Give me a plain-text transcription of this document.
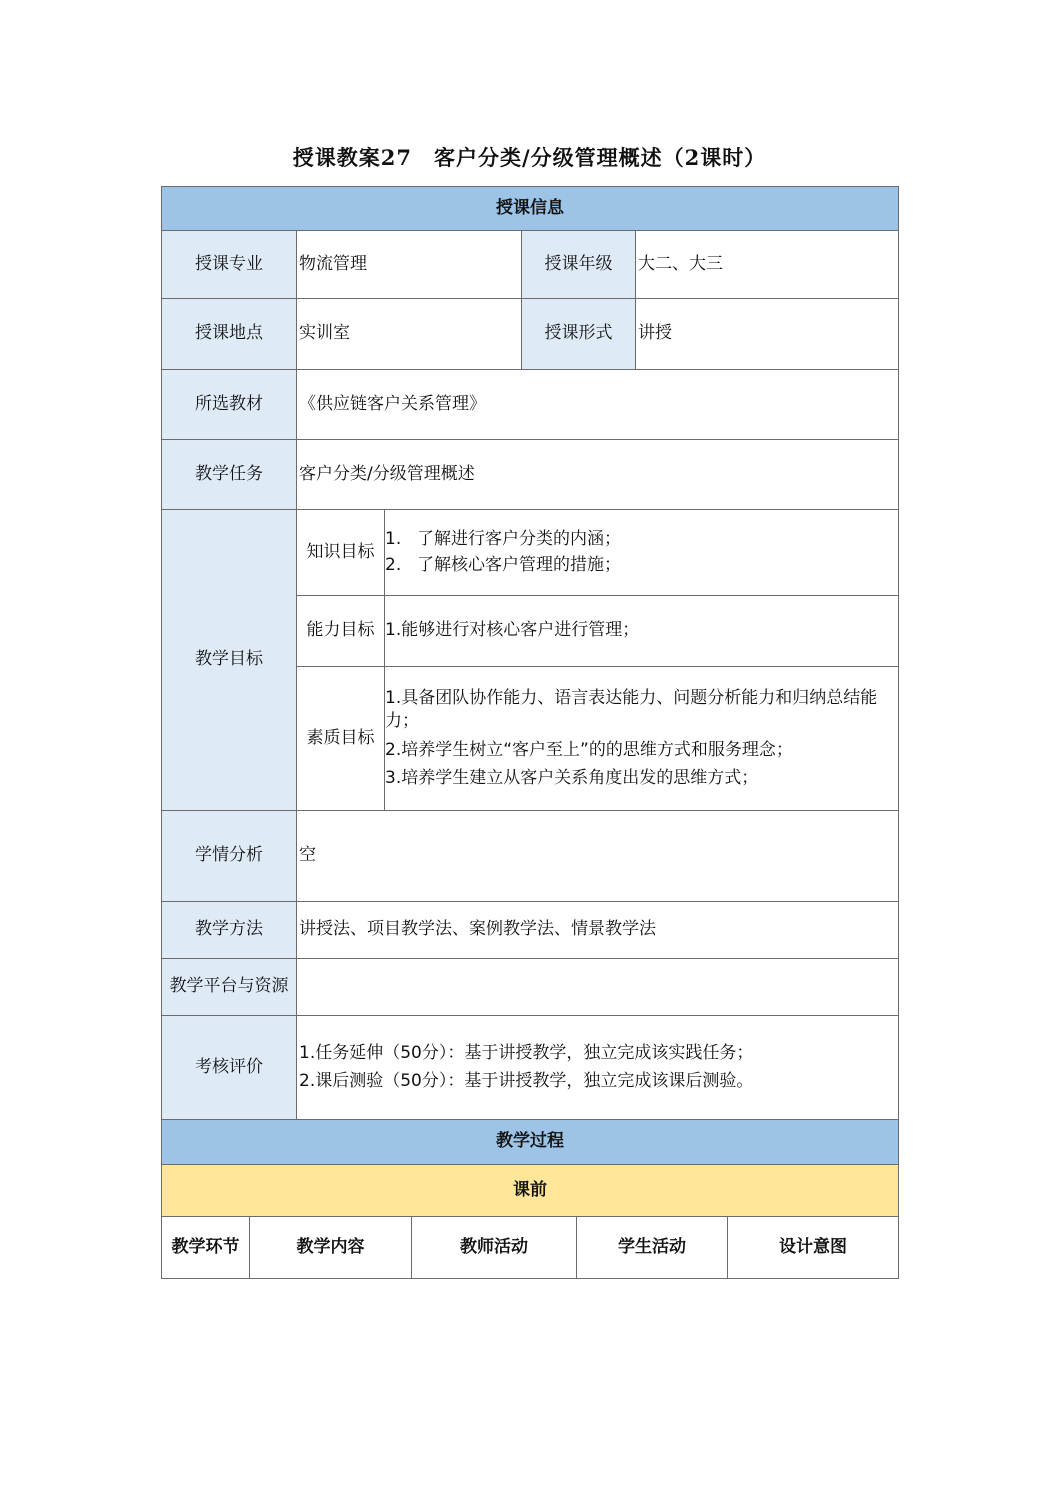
授课教案27　客户分类/分级管理概述（2课时）
授课信息				
授课专业	物流管理		授课年级	大二、大三
授课地点	实训室		授课形式	讲授
所选教材	《供应链客户关系管理》			
教学任务	客户分类/分级管理概述			
教学目标	知识目标	1. 了解进行客户分类的内涵；
2. 了解核心客户管理的措施；		

	能力目标	1.能够进行对核心客户进行管理；		
	素质目标	1.具备团队协作能力、语言表达能力、问题分析能力和归纳总结能力；
2.培养学生树立“客户至上”的的思维方式和服务理念；
3.培养学生建立从客户关系角度出发的思维方式；		

学情分析	空			
教学方法	讲授法、项目教学法、案例教学法、情景教学法			
教学平台与资源				
考核评价	1.任务延伸（50分）：基于讲授教学，独立完成该实践任务；
2.课后测验（50分）：基于讲授教学，独立完成该课后测验。			

教学过程				
课前				
教学环节	教学内容	教师活动	学生活动	设计意图
